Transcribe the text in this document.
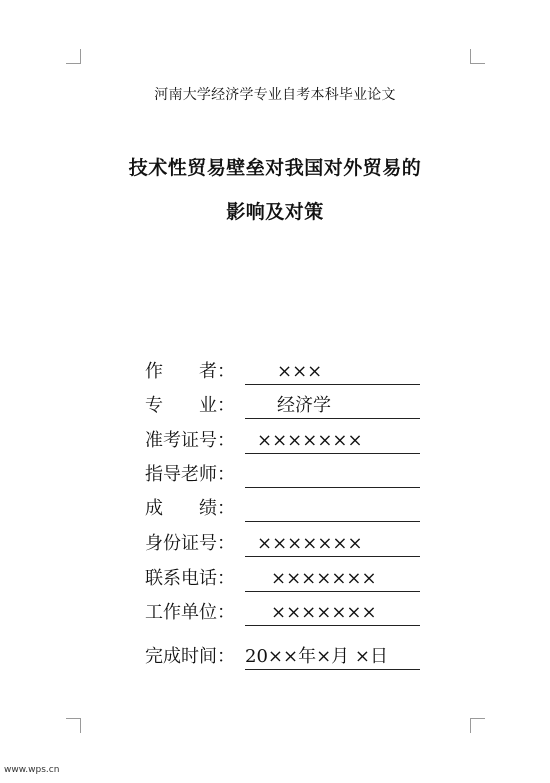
河南大学经济学专业自考本科毕业论文
技术性贸易壁垒对我国对外贸易的
影响及对策
作　　者： ×××
专　　业： 经济学
准考证号： ×××××××
指导老师：
成　　绩：
身份证号： ×××××××
联系电话： ×××××××
工作单位： ×××××××
完成时间： 20××年×月 ×日
www.wps.cn
